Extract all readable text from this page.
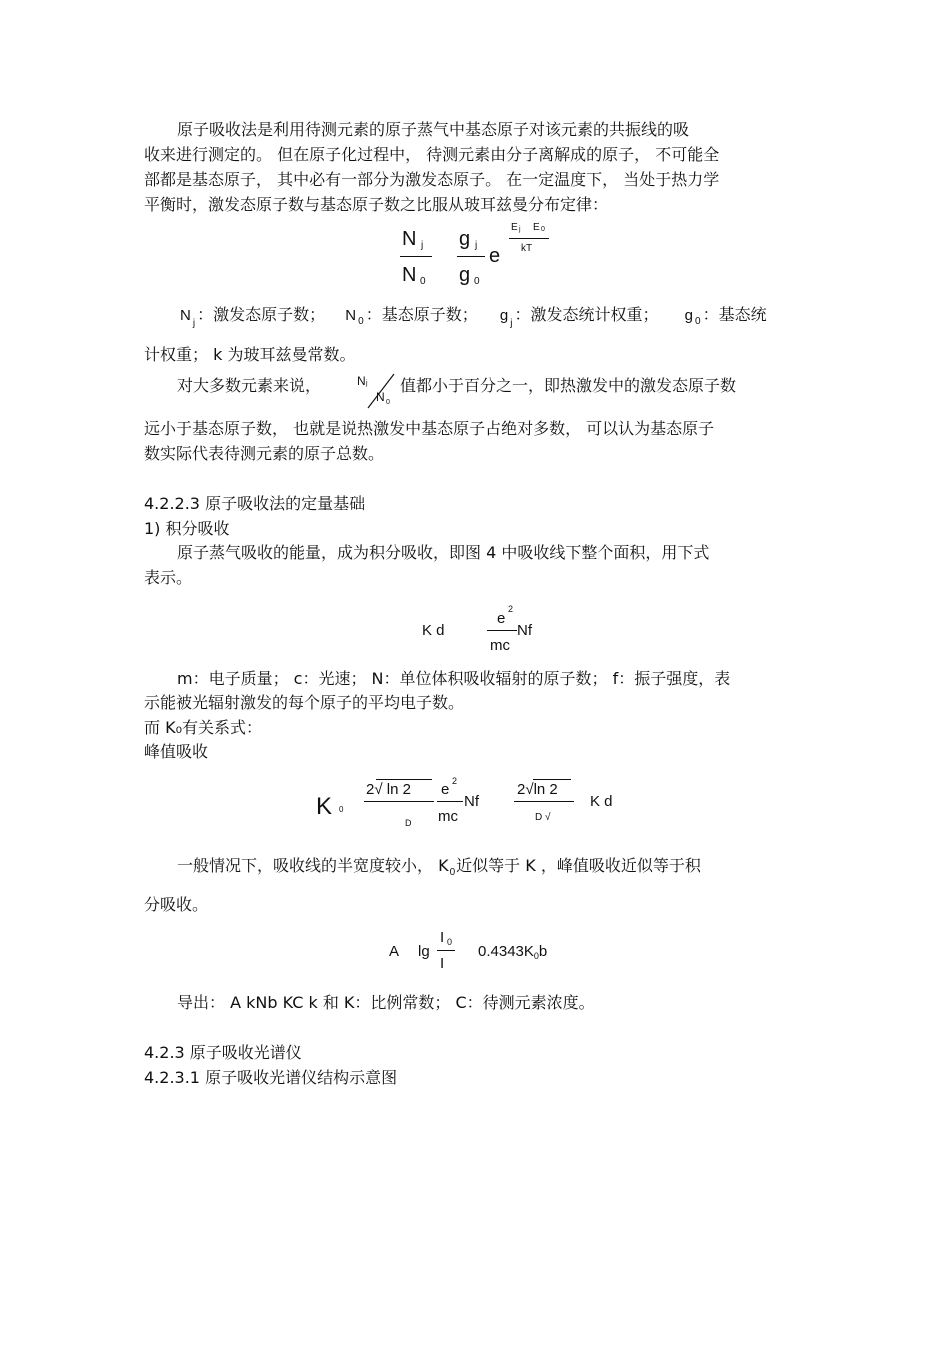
原子吸收法是利用待测元素的原子蒸气中基态原子对该元素的共振线的吸
收来进行测定的。 但在原子化过程中， 待测元素由分子离解成的原子， 不可能全
部都是基态原子， 其中必有一部分为激发态原子。 在一定温度下， 当处于热力学
平衡时，激发态原子数与基态原子数之比服从玻耳兹曼分布定律：
N j
N 0
g j
g 0
e
E j E 0
kT
N $_j$ ：激发态原子数； N $_0$ ：基态原子数； g $_j$ ：激发态统计权重； g $_0$ ：基态统
计权重； k 为玻耳兹曼常数。
对大多数元素来说，	N j
N 0
值都小于百分之一，即热激发中的激发态原子数
远小于基态原子数， 也就是说热激发中基态原子占绝对多数， 可以认为基态原子
数实际代表待测元素的原子总数。
4.2.2.3 原子吸收法的定量基础
1) 积分吸收
原子蒸气吸收的能量，成为积分吸收，即图 4 中吸收线下整个面积，用下式
表示。
K d
e
2
Nf
mc
m：电子质量； c：光速； N：单位体积吸收辐射的原子数； f：振子强度，表
示能被光辐射激发的每个原子的平均电子数。
而 K₀有关系式：
峰值吸收
K 0
2√ ln 2
D
e 2
mc
Nf
2√ln 2
D √
K d
一般情况下，吸收线的半宽度较小， $K_0$近似等于 K ，峰值吸收近似等于积
分吸收。
A lg
I 0
I
$0.4343K_0b$
导出： A kNb KC k 和 K：比例常数； C：待测元素浓度。
4.2.3 原子吸收光谱仪
4.2.3.1 原子吸收光谱仪结构示意图
